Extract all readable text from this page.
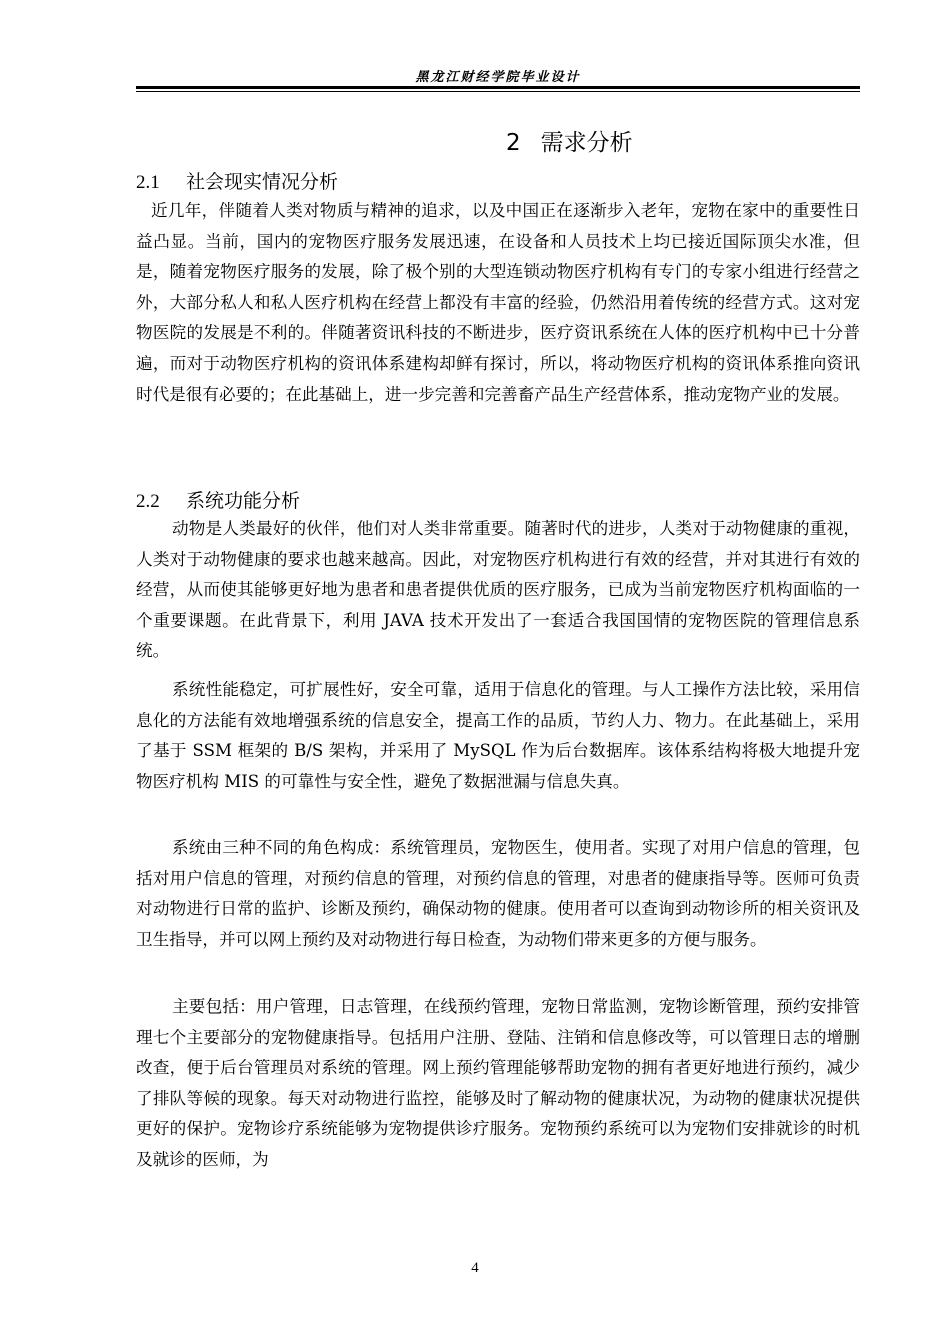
黑龙江财经学院毕业设计
2 需求分析
2.1 社会现实情况分析

近几年，伴随着人类对物质与精神的追求，以及中国正在逐渐步入老年，宠物在家中的重要性日益凸显。当前，国内的宠物医疗服务发展迅速，在设备和人员技术上均已接近国际顶尖水准，但是，随着宠物医疗服务的发展，除了极个别的大型连锁动物医疗机构有专门的专家小组进行经营之外，大部分私人和私人医疗机构在经营上都没有丰富的经验，仍然沿用着传统的经营方式。这对宠物医院的发展是不利的。伴随著资讯科技的不断进步，医疗资讯系统在人体的医疗机构中已十分普遍，而对于动物医疗机构的资讯体系建构却鲜有探讨，所以，将动物医疗机构的资讯体系推向资讯时代是很有必要的；在此基础上，进一步完善和完善畜产品生产经营体系，推动宠物产业的发展。

2.2 系统功能分析

动物是人类最好的伙伴，他们对人类非常重要。随著时代的进步，人类对于动物健康的重视，人类对于动物健康的要求也越来越高。因此，对宠物医疗机构进行有效的经营，并对其进行有效的经营，从而使其能够更好地为患者和患者提供优质的医疗服务，已成为当前宠物医疗机构面临的一个重要课题。在此背景下，利用 JAVA 技术开发出了一套适合我国国情的宠物医院的管理信息系统。

系统性能稳定，可扩展性好，安全可靠，适用于信息化的管理。与人工操作方法比较，采用信息化的方法能有效地增强系统的信息安全，提高工作的品质，节约人力、物力。在此基础上，采用了基于 SSM 框架的 B/S 架构，并采用了 MySQL 作为后台数据库。该体系结构将极大地提升宠物医疗机构 MIS 的可靠性与安全性，避免了数据泄漏与信息失真。

系统由三种不同的角色构成：系统管理员，宠物医生，使用者。实现了对用户信息的管理，包括对用户信息的管理，对预约信息的管理，对预约信息的管理，对患者的健康指导等。医师可负责对动物进行日常的监护、诊断及预约，确保动物的健康。使用者可以查询到动物诊所的相关资讯及卫生指导，并可以网上预约及对动物进行每日检查，为动物们带来更多的方便与服务。

主要包括：用户管理，日志管理，在线预约管理，宠物日常监测，宠物诊断管理，预约安排管理七个主要部分的宠物健康指导。包括用户注册、登陆、注销和信息修改等，可以管理日志的增删改查，便于后台管理员对系统的管理。网上预约管理能够帮助宠物的拥有者更好地进行预约，减少了排队等候的现象。每天对动物进行监控，能够及时了解动物的健康状况，为动物的健康状况提供更好的保护。宠物诊疗系统能够为宠物提供诊疗服务。宠物预约系统可以为宠物们安排就诊的时机及就诊的医师，为

4
